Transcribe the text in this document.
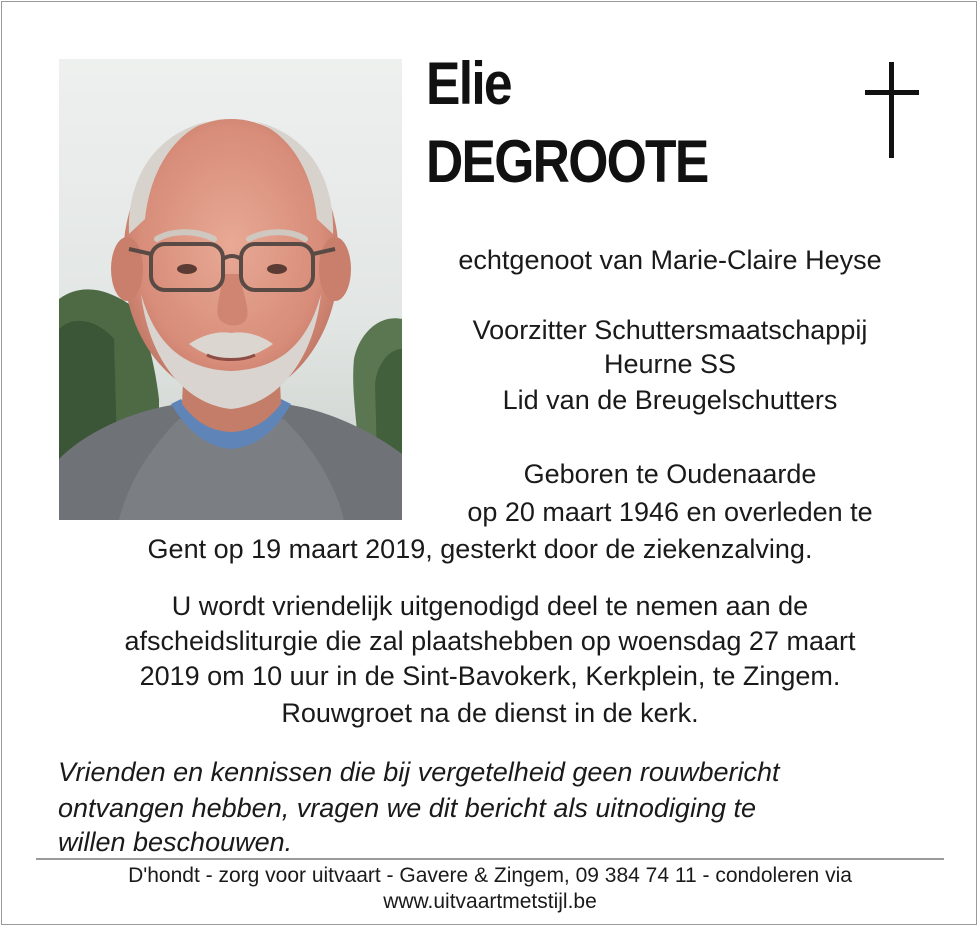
Elie
DEGROOTE
echtgenoot van Marie-Claire Heyse
Voorzitter Schuttersmaatschappij
Heurne SS
Lid van de Breugelschutters
Geboren te Oudenaarde
op 20 maart 1946 en overleden te
Gent op 19 maart 2019, gesterkt door de ziekenzalving.
U wordt vriendelijk uitgenodigd deel te nemen aan de
afscheidsliturgie die zal plaatshebben op woensdag 27 maart
2019 om 10 uur in de Sint-Bavokerk, Kerkplein, te Zingem.
Rouwgroet na de dienst in de kerk.
Vrienden en kennissen die bij vergetelheid geen rouwbericht
ontvangen hebben, vragen we dit bericht als uitnodiging te
willen beschouwen.
D'hondt - zorg voor uitvaart - Gavere & Zingem, 09 384 74 11 - condoleren via
www.uitvaartmetstijl.be
